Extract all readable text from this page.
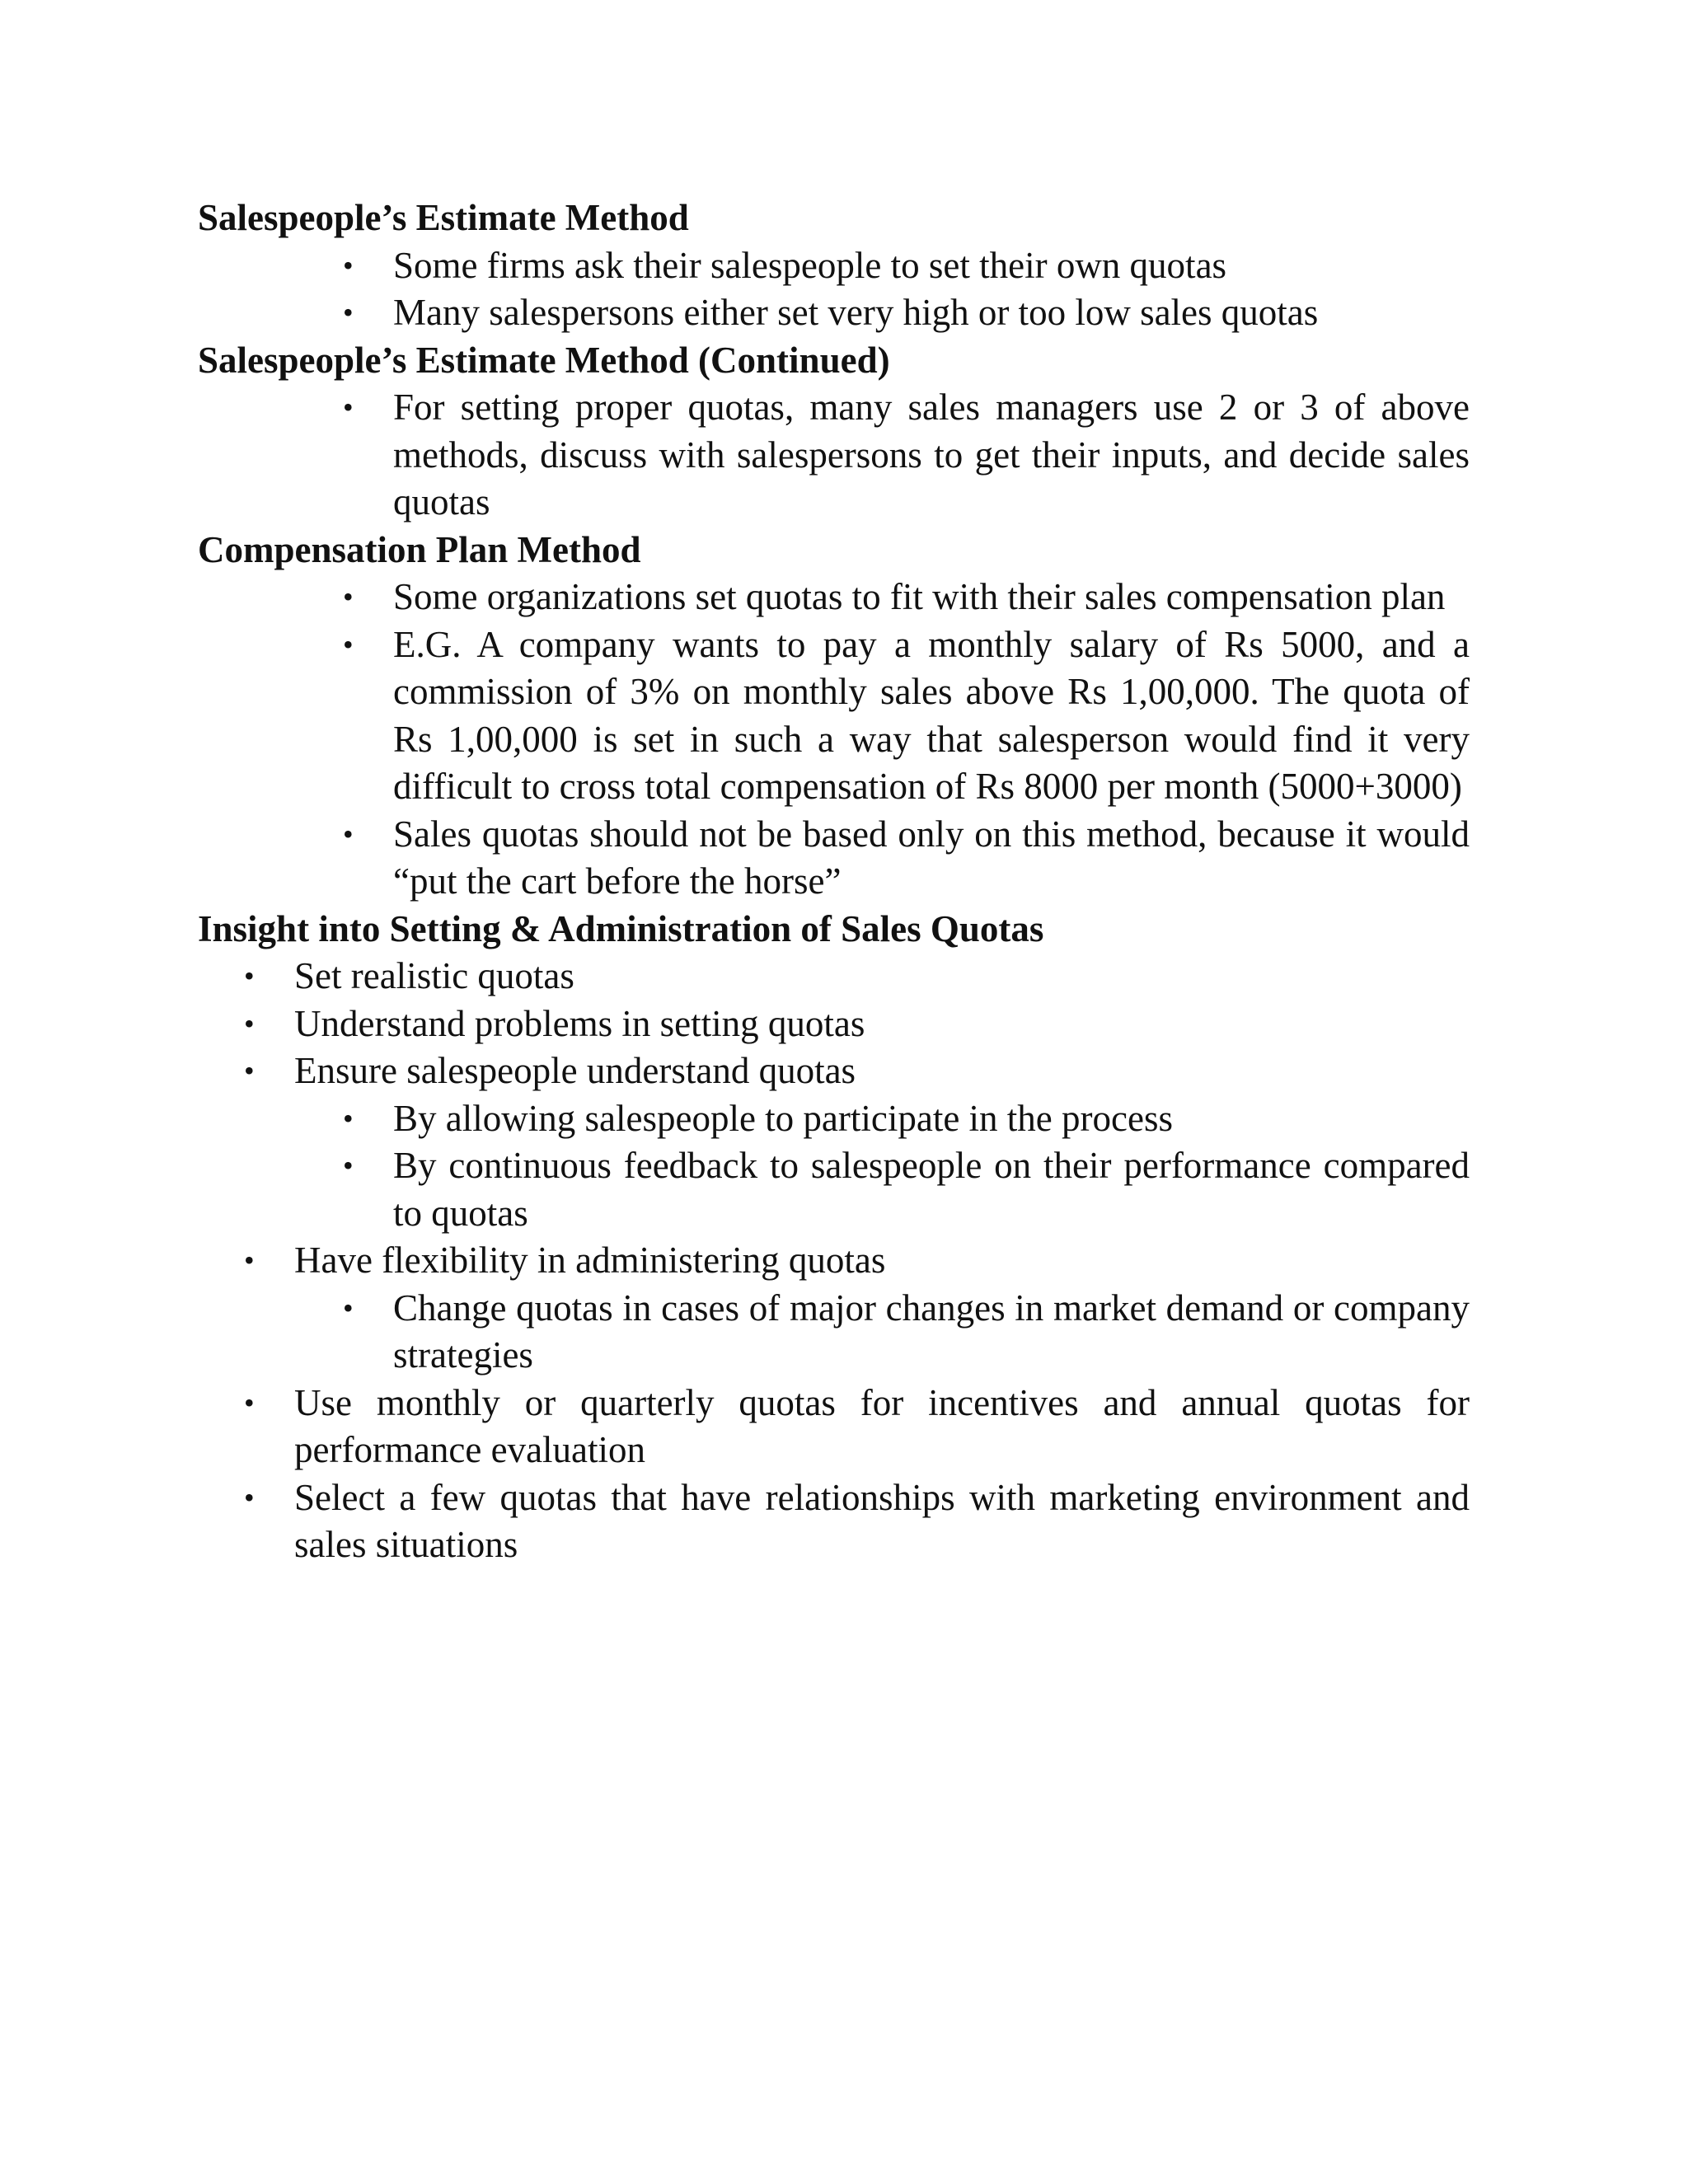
Salespeople’s Estimate Method
• Some firms ask their salespeople to set their own quotas
• Many salespersons either set very high or too low sales quotas
Salespeople’s Estimate Method (Continued)
• For setting proper quotas, many sales managers use 2 or 3 of above methods, discuss with salespersons to get their inputs, and decide sales quotas
Compensation Plan Method
• Some organizations set quotas to fit with their sales compensation plan
• E.G. A company wants to pay a monthly salary of Rs 5000, and a commission of 3% on monthly sales above Rs 1,00,000. The quota of Rs 1,00,000 is set in such a way that salesperson would find it very difficult to cross total compensation of Rs 8000 per month (5000+3000)
• Sales quotas should not be based only on this method, because it would “put the cart before the horse”
Insight into Setting & Administration of Sales Quotas
• Set realistic quotas
• Understand problems in setting quotas
• Ensure salespeople understand quotas
• By allowing salespeople to participate in the process
• By continuous feedback to salespeople on their performance compared to quotas
• Have flexibility in administering quotas
• Change quotas in cases of major changes in market demand or company strategies
• Use monthly or quarterly quotas for incentives and annual quotas for performance evaluation
• Select a few quotas that have relationships with marketing environment and sales situations
